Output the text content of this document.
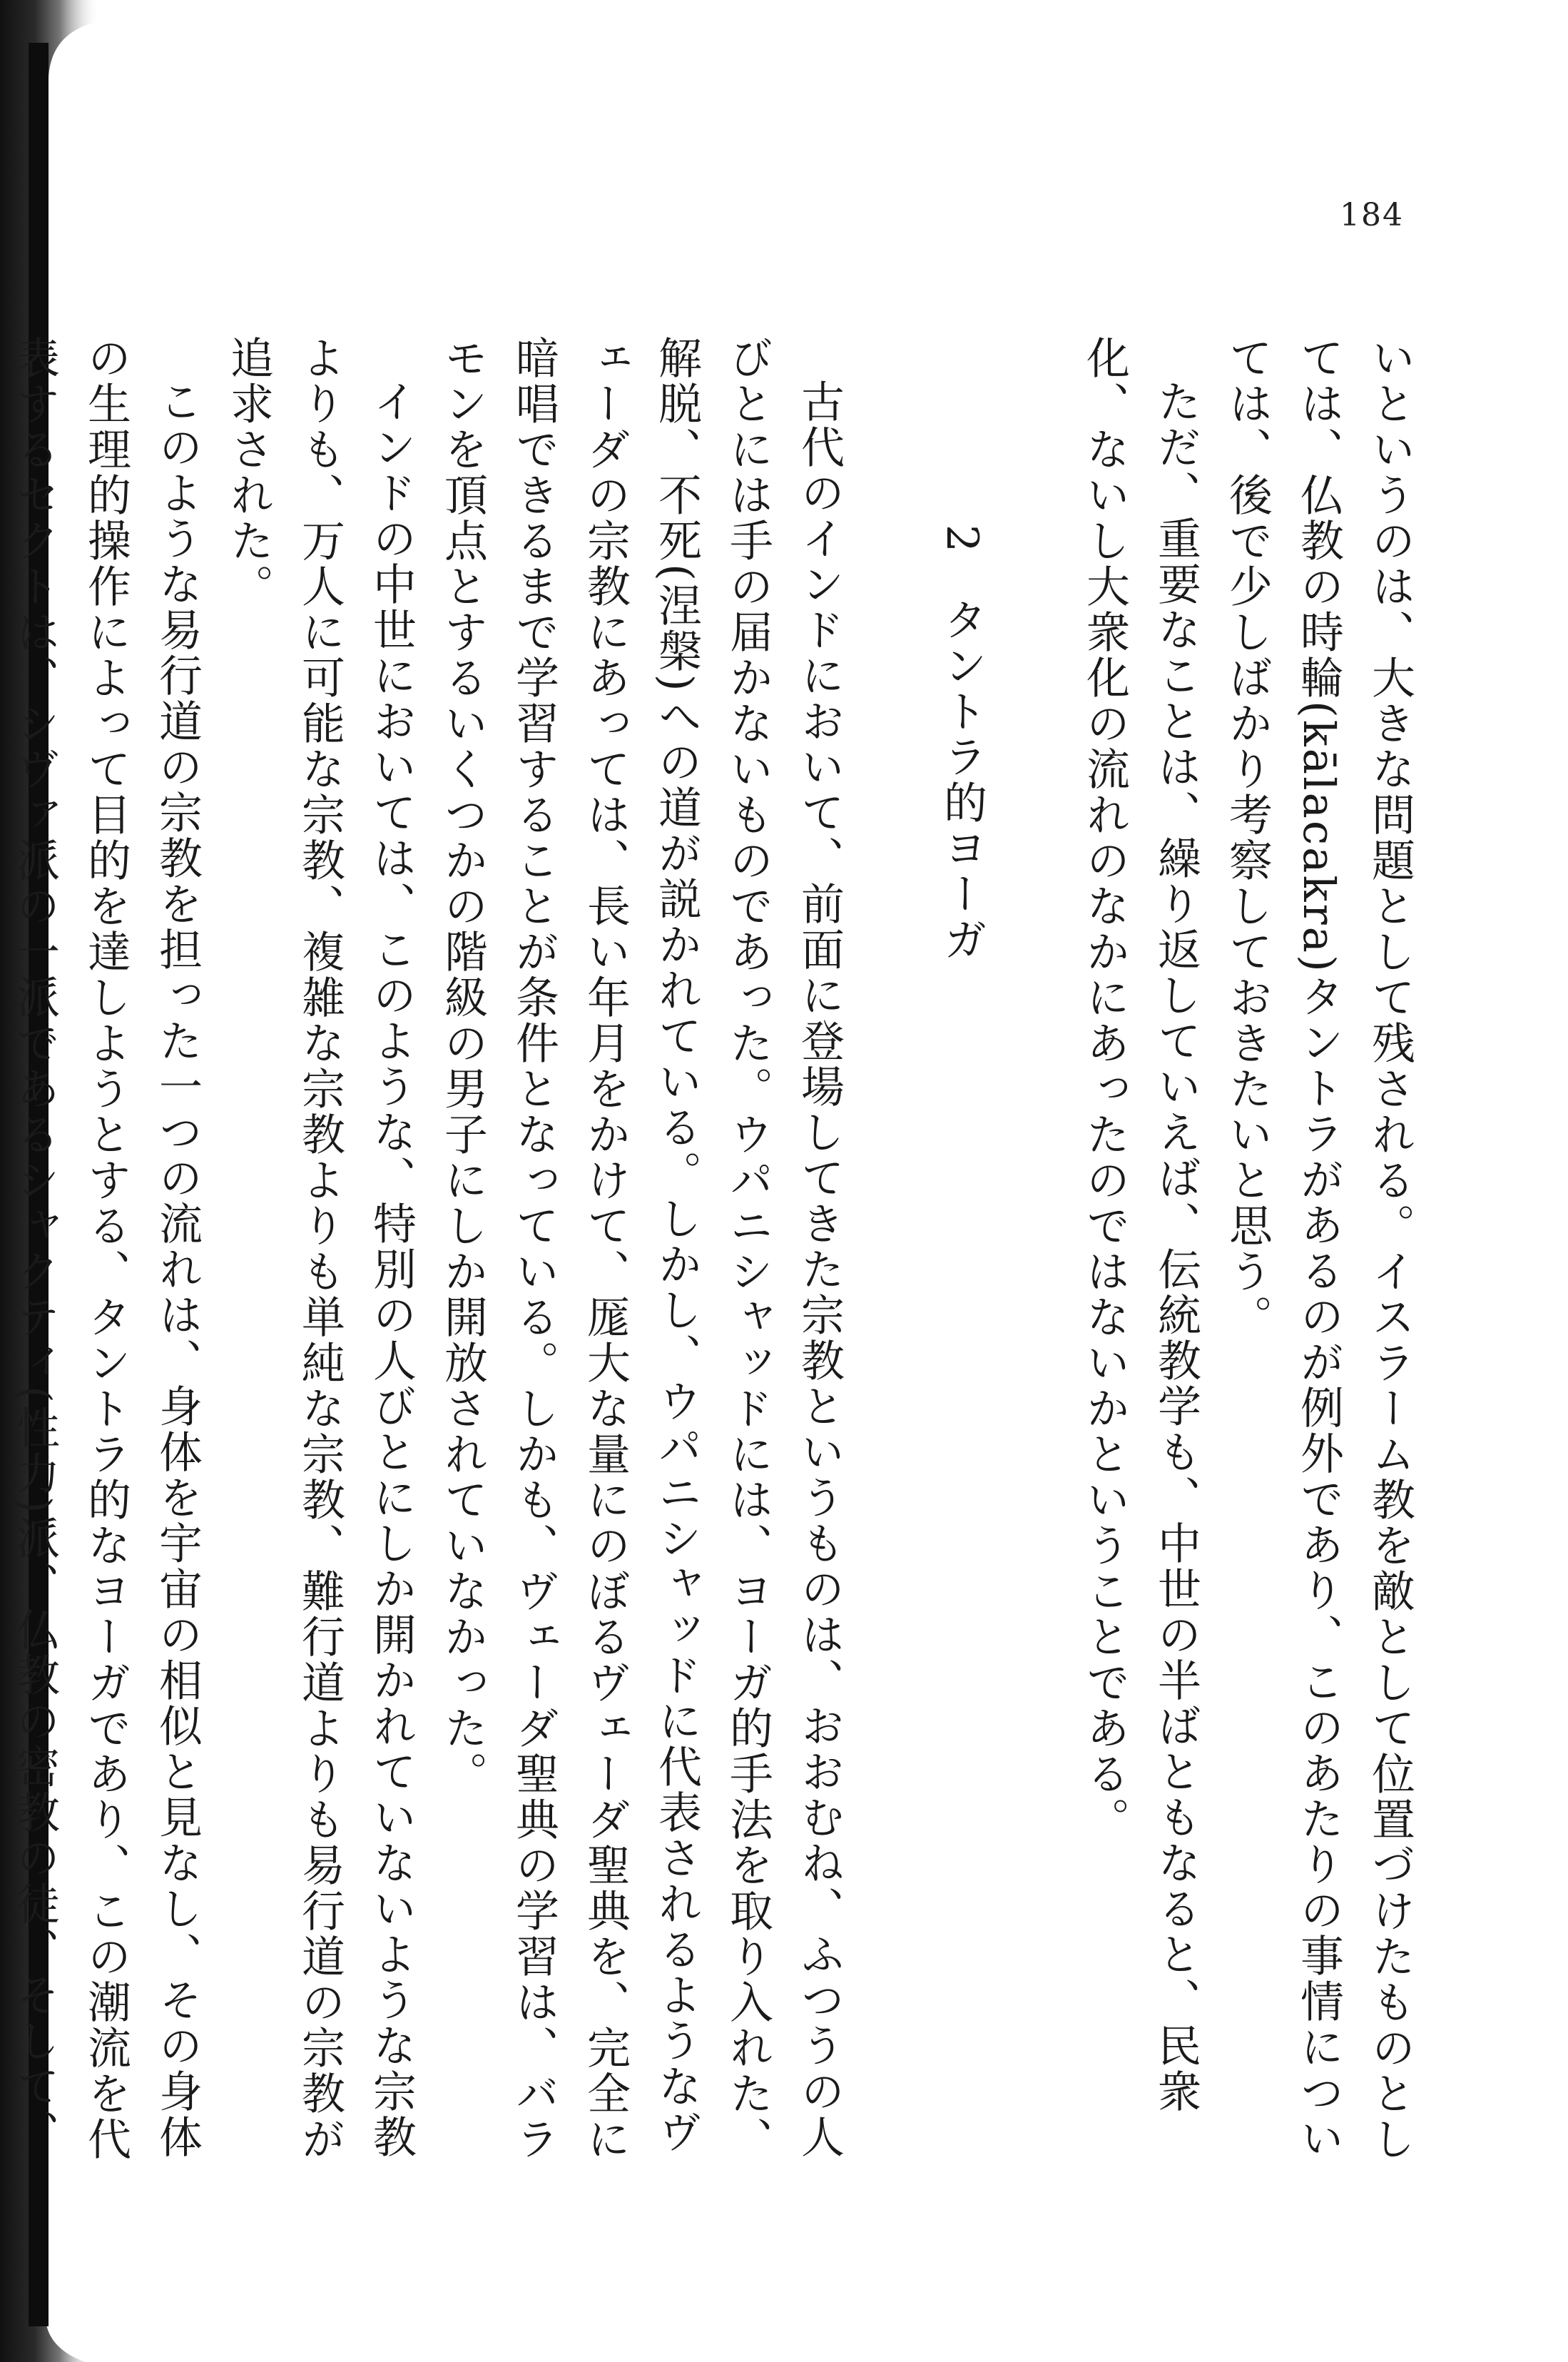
184

いというのは、大きな問題として残される。イスラーム教を敵として位置づけたものとしては、仏教の時輪(kālacakra)タントラがあるのが例外であり、このあたりの事情については、後で少しばかり考察しておきたいと思う。

ただ、重要なことは、繰り返していえば、伝統教学も、中世の半ばともなると、民衆化、ないし大衆化の流れのなかにあったのではないかということである。

2タントラ的ヨーガ

古代のインドにおいて、前面に登場してきた宗教というものは、おおむね、ふつうの人びとには手の届かないものであった。ウパニシャッドには、ヨーガ的手法を取り入れた、解脱、不死(涅槃)への道が説かれている。しかし、ウパニシャッドに代表されるようなヴェーダの宗教にあっては、長い年月をかけて、厖大な量にのぼるヴェーダ聖典を、完全に暗唱できるまで学習することが条件となっている。しかも、ヴェーダ聖典の学習は、バラモンを頂点とするいくつかの階級の男子にしか開放されていなかった。

インドの中世においては、このような、特別の人びとにしか開かれていないような宗教よりも、万人に可能な宗教、複雑な宗教よりも単純な宗教、難行道よりも易行道の宗教が追求された。

このような易行道の宗教を担った一つの流れは、身体を宇宙の相似と見なし、その身体の生理的操作によって目的を達しようとする、タントラ的なヨーガであり、この潮流を代表するセクトは、シヴァ派の一派であるシャクティ(性力)派、仏教の密教の徒、そして、
